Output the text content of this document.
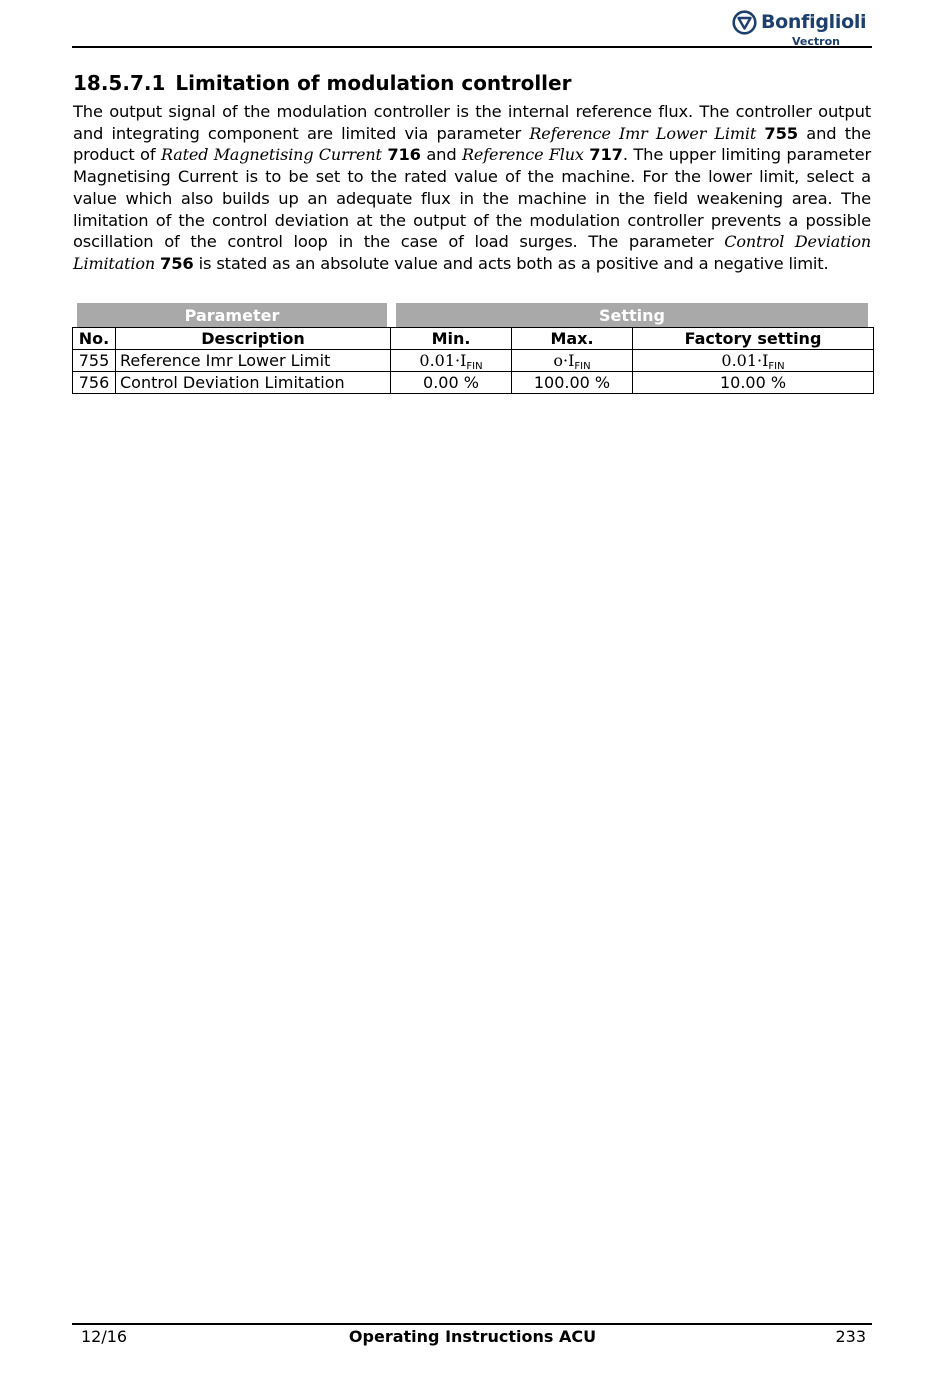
Bonfiglioli
Vectron
18.5.7.1 Limitation of modulation controller

The output signal of the modulation controller is the internal reference flux. The controller output and integrating component are limited via parameter Reference Imr Lower Limit 755 and the product of Rated Magnetising Current 716 and Reference Flux 717. The upper limiting parameter Magnetising Current is to be set to the rated value of the machine. For the lower limit, select a value which also builds up an adequate flux in the machine in the field weakening area. The limitation of the control deviation at the output of the modulation controller prevents a possible oscillation of the control loop in the case of load surges. The parameter Control Deviation Limitation 756 is stated as an absolute value and acts both as a positive and a negative limit.

Parameter	Setting
No.	Description	Min.	Max.	Factory setting
755	Reference Imr Lower Limit	$0.01\cdot I_{FIN}$	$o\cdot I_{FIN}$	$0.01\cdot I_{FIN}$
756	Control Deviation Limitation	0.00 %	100.00 %	10.00 %
12/16	Operating Instructions ACU	233
